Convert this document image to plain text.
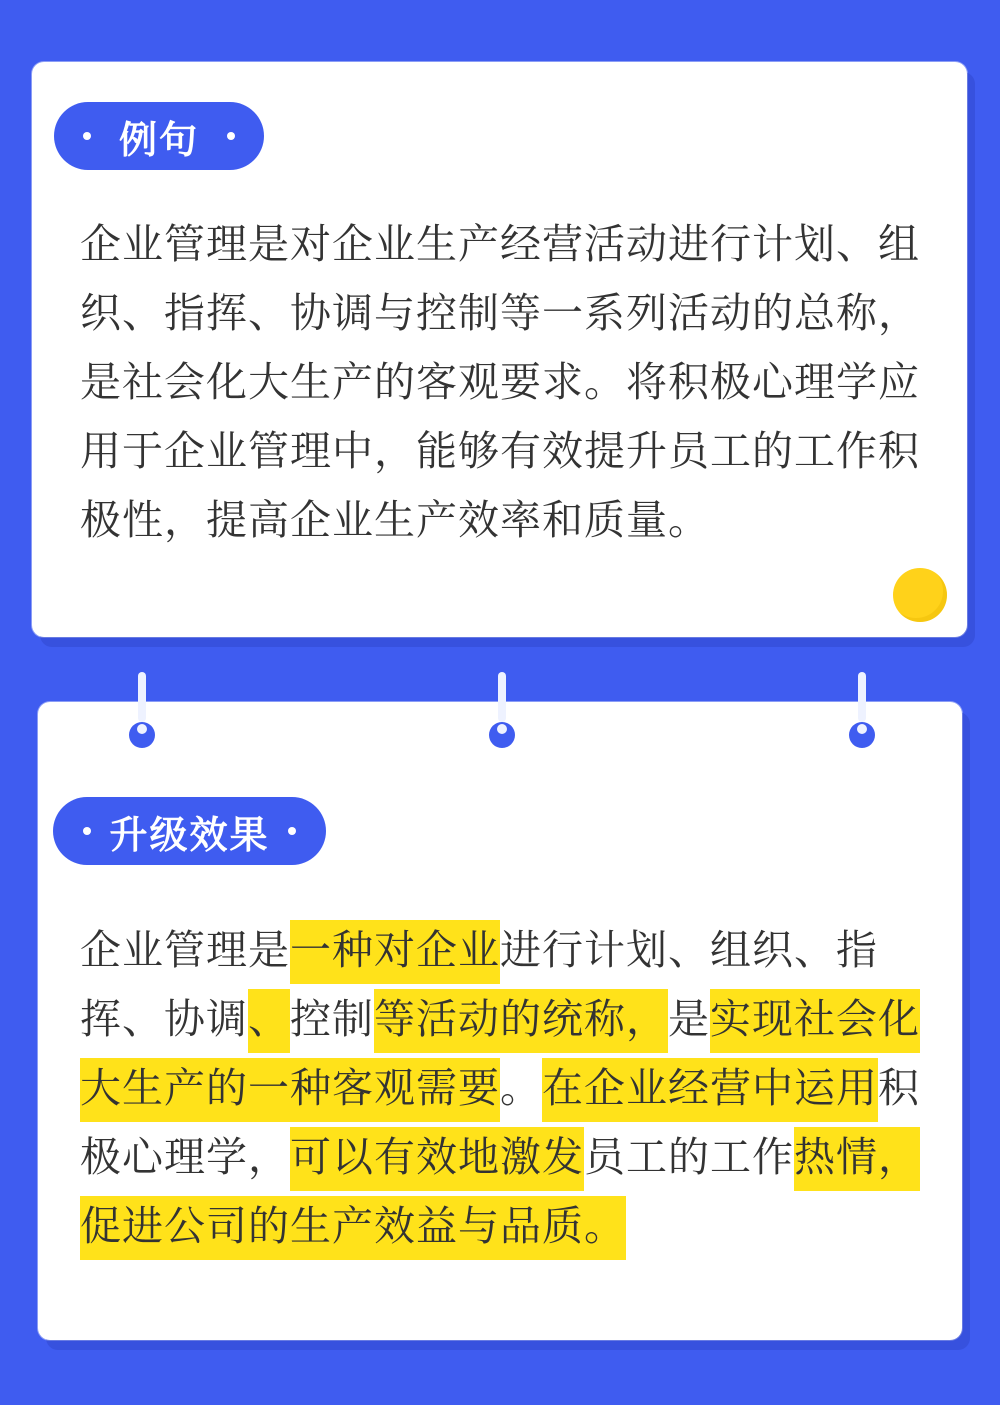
例句

企业管理是对企业生产经营活动进行计划、组织、指挥、协调与控制等一系列活动的总称，是社会化大生产的客观要求。将积极心理学应用于企业管理中，能够有效提升员工的工作积极性，提高企业生产效率和质量。

升级效果

企业管理是一种对企业进行计划、组织、指挥、协调、控制等活动的统称，是实现社会化大生产的一种客观需要。在企业经营中运用积极心理学，可以有效地激发员工的工作热情，促进公司的生产效益与品质。
